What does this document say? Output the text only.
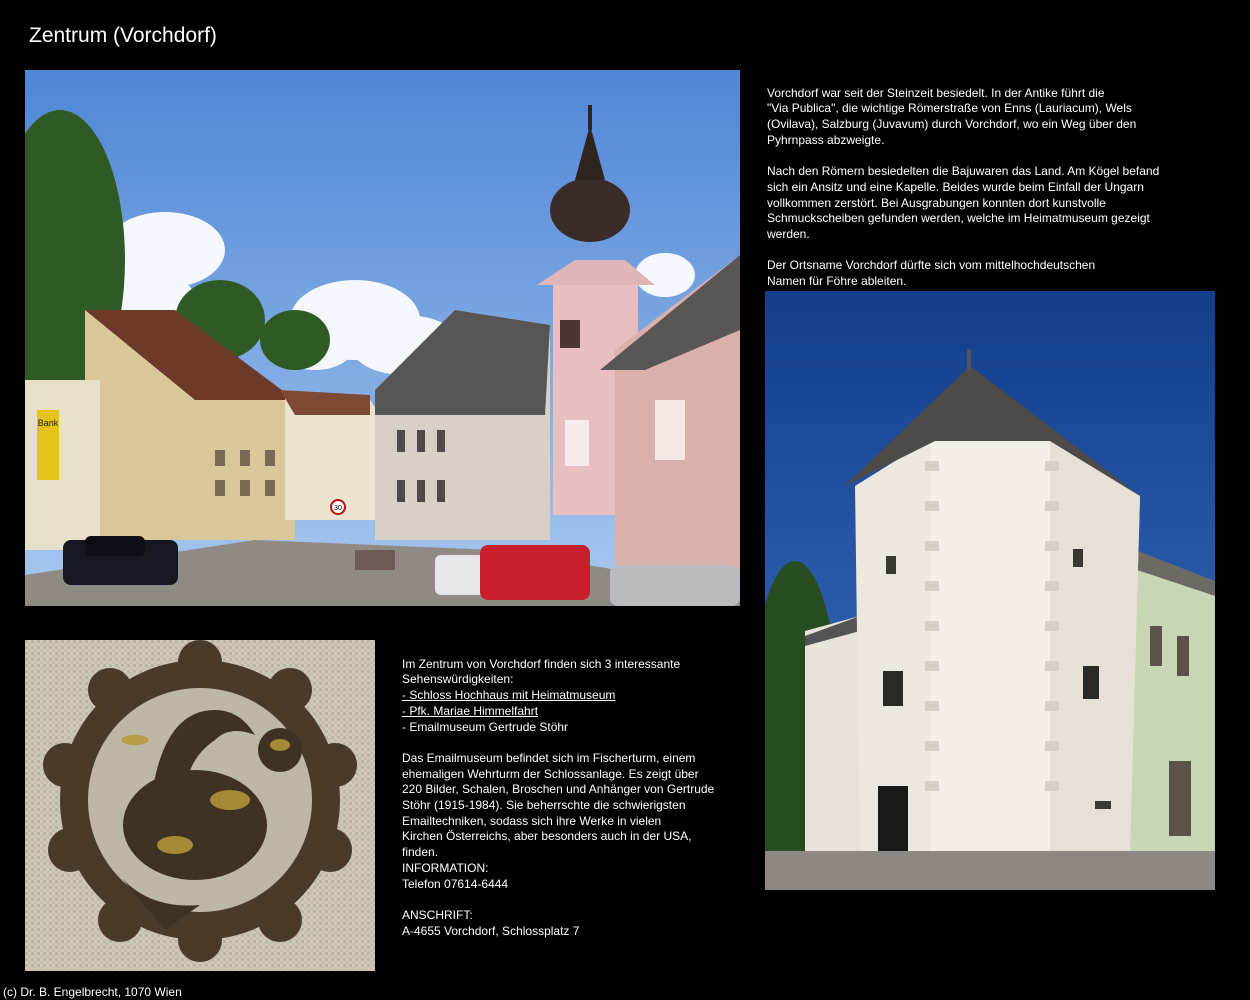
Zentrum (Vorchdorf)
Bank
30

Vorchdorf war seit der Steinzeit besiedelt. In der Antike führt die
"Via Publica", die wichtige Römerstraße von Enns (Lauriacum), Wels
(Ovilava), Salzburg (Juvavum) durch Vorchdorf, wo ein Weg über den
Pyhrnpass abzweigte.

Nach den Römern besiedelten die Bajuwaren das Land. Am Kögel befand
sich ein Ansitz und eine Kapelle. Beides wurde beim Einfall der Ungarn
vollkommen zerstört. Bei Ausgrabungen konnten dort kunstvolle
Schmuckscheiben gefunden werden, welche im Heimatmuseum gezeigt
werden.

Der Ortsname Vorchdorf dürfte sich vom mittelhochdeutschen
Namen für Föhre ableiten.

Im Zentrum von Vorchdorf finden sich 3 interessante
Sehenswürdigkeiten:
- Schloss Hochhaus mit Heimatmuseum
- Pfk. Mariae Himmelfahrt
- Emailmuseum Gertrude Stöhr

Das Emailmuseum befindet sich im Fischerturm, einem
ehemaligen Wehrturm der Schlossanlage. Es zeigt über
220 Bilder, Schalen, Broschen und Anhänger von Gertrude
Stöhr (1915-1984). Sie beherrschte die schwierigsten
Emailtechniken, sodass sich ihre Werke in vielen
Kirchen Österreichs, aber besonders auch in der USA,
finden.
INFORMATION:
Telefon 07614-6444

ANSCHRIFT:
A-4655 Vorchdorf, Schlossplatz 7

(c) Dr. B. Engelbrecht, 1070 Wien
